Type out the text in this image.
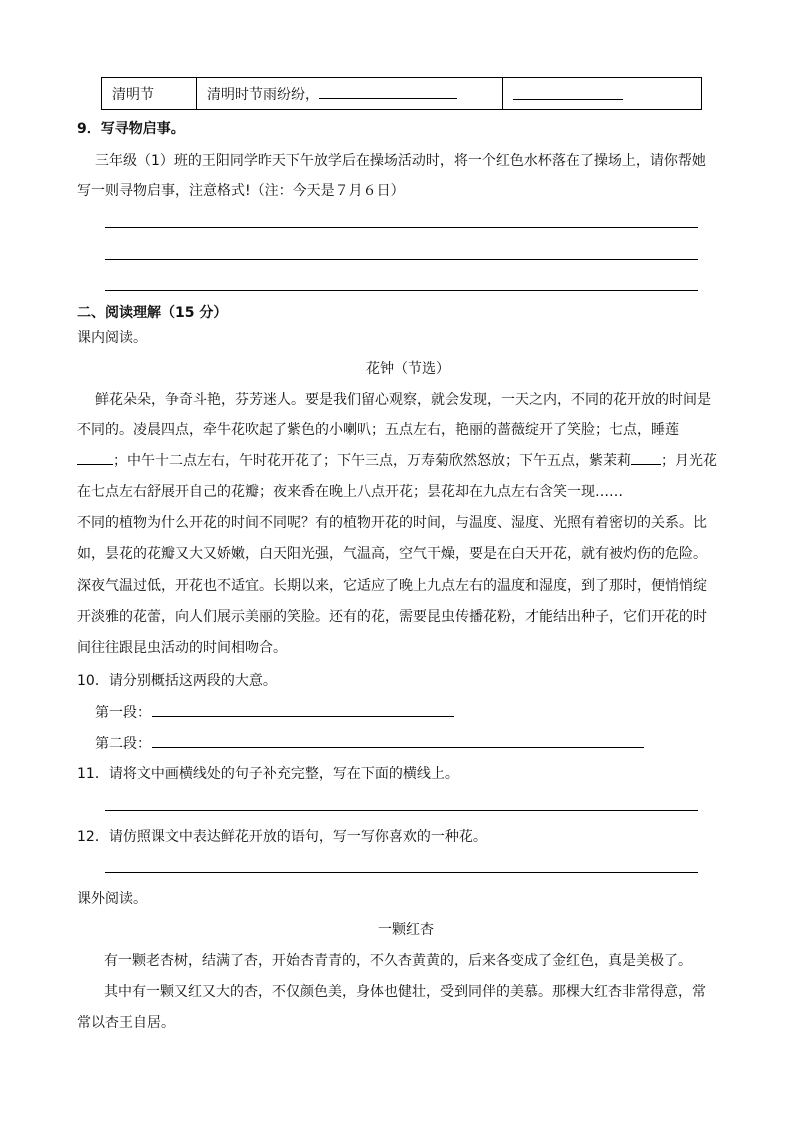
清明节	清明时节雨纷纷，	
9．写寻物启事。
三年级（1）班的王阳同学昨天下午放学后在操场活动时，将一个红色水杯落在了操场上，请你帮她
写一则寻物启事，注意格式!（注：今天是７月６日）
二、阅读理解（15 分）
课内阅读。
花钟（节选）
鲜花朵朵，争奇斗艳，芬芳迷人。要是我们留心观察，就会发现，一天之内，不同的花开放的时间是
不同的。凌晨四点，牵牛花吹起了紫色的小喇叭；五点左右，艳丽的蔷薇绽开了笑脸；七点，睡莲
；中午十二点左右，午时花开花了；下午三点，万寿菊欣然怒放；下午五点，紫茉莉 ；月光花
在七点左右舒展开自己的花瓣；夜来香在晚上八点开花；昙花却在九点左右含笑一现……
不同的植物为什么开花的时间不同呢？有的植物开花的时间，与温度、湿度、光照有着密切的关系。比
如，昙花的花瓣又大又娇嫩，白天阳光强，气温高，空气干燥，要是在白天开花，就有被灼伤的危险。
深夜气温过低，开花也不适宜。长期以来，它适应了晚上九点左右的温度和湿度，到了那时，便悄悄绽
开淡雅的花蕾，向人们展示美丽的笑脸。还有的花，需要昆虫传播花粉，才能结出种子，它们开花的时
间往往跟昆虫活动的时间相吻合。
10．请分别概括这两段的大意。
第一段：
第二段：
11．请将文中画横线处的句子补充完整，写在下面的横线上。
12．请仿照课文中表达鲜花开放的语句，写一写你喜欢的一种花。
课外阅读。
一颗红杏
有一颗老杏树，结满了杏，开始杏青青的，不久杏黄黄的，后来各变成了金红色，真是美极了。
其中有一颗又红又大的杏，不仅颜色美，身体也健壮，受到同伴的美慕。那棵大红杏非常得意，常
常以杏王自居。
